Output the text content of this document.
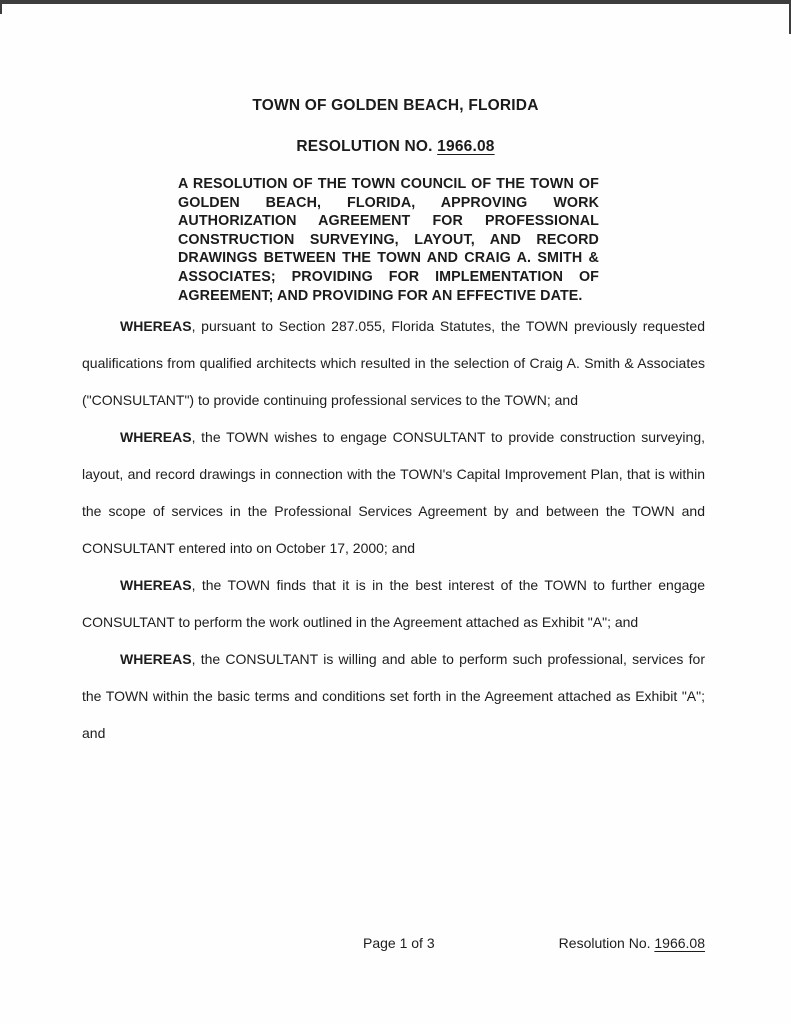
TOWN OF GOLDEN BEACH, FLORIDA
RESOLUTION NO. 1966.08

A RESOLUTION OF THE TOWN COUNCIL OF THE TOWN OF GOLDEN BEACH, FLORIDA, APPROVING WORK AUTHORIZATION AGREEMENT FOR PROFESSIONAL CONSTRUCTION SURVEYING, LAYOUT, AND RECORD DRAWINGS BETWEEN THE TOWN AND CRAIG A. SMITH & ASSOCIATES; PROVIDING FOR IMPLEMENTATION OF AGREEMENT; AND PROVIDING FOR AN EFFECTIVE DATE.

WHEREAS, pursuant to Section 287.055, Florida Statutes, the TOWN previously requested qualifications from qualified architects which resulted in the selection of Craig A. Smith & Associates ("CONSULTANT") to provide continuing professional services to the TOWN; and

WHEREAS, the TOWN wishes to engage CONSULTANT to provide construction surveying, layout, and record drawings in connection with the TOWN's Capital Improvement Plan, that is within the scope of services in the Professional Services Agreement by and between the TOWN and CONSULTANT entered into on October 17, 2000; and

WHEREAS, the TOWN finds that it is in the best interest of the TOWN to further engage CONSULTANT to perform the work outlined in the Agreement attached as Exhibit "A"; and

WHEREAS, the CONSULTANT is willing and able to perform such professional, services for the TOWN within the basic terms and conditions set forth in the Agreement attached as Exhibit "A"; and

Page 1 of 3	Resolution No. 1966.08
